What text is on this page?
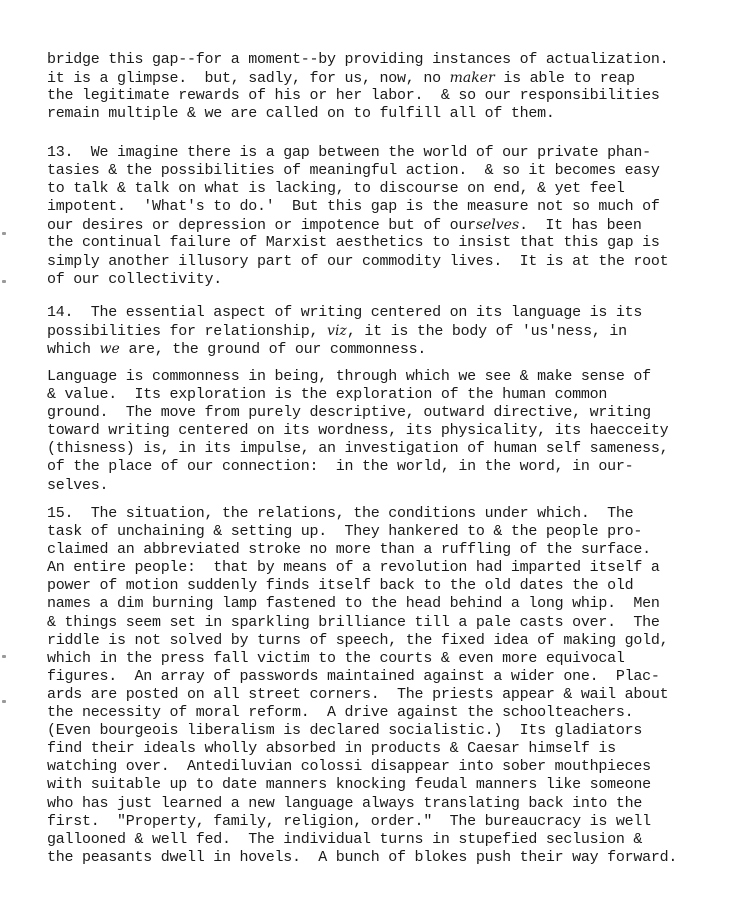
bridge this gap--for a moment--by providing instances of actualization.
it is a glimpse.  but, sadly, for us, now, no maker is able to reap
the legitimate rewards of his or her labor.  & so our responsibilities
remain multiple & we are called on to fulfill all of them.
13.  We imagine there is a gap between the world of our private phan-
tasies & the possibilities of meaningful action.  & so it becomes easy
to talk & talk on what is lacking, to discourse on end, & yet feel
impotent.  'What's to do.'  But this gap is the measure not so much of
our desires or depression or impotence but of ourselves.  It has been
the continual failure of Marxist aesthetics to insist that this gap is
simply another illusory part of our commodity lives.  It is at the root
of our collectivity.
14.  The essential aspect of writing centered on its language is its
possibilities for relationship, viz, it is the body of 'us'ness, in
which we are, the ground of our commonness.
Language is commonness in being, through which we see & make sense of
& value.  Its exploration is the exploration of the human common
ground.  The move from purely descriptive, outward directive, writing
toward writing centered on its wordness, its physicality, its haecceity
(thisness) is, in its impulse, an investigation of human self sameness,
of the place of our connection:  in the world, in the word, in our-
selves.
15.  The situation, the relations, the conditions under which.  The
task of unchaining & setting up.  They hankered to & the people pro-
claimed an abbreviated stroke no more than a ruffling of the surface.
An entire people:  that by means of a revolution had imparted itself a
power of motion suddenly finds itself back to the old dates the old
names a dim burning lamp fastened to the head behind a long whip.  Men
& things seem set in sparkling brilliance till a pale casts over.  The
riddle is not solved by turns of speech, the fixed idea of making gold,
which in the press fall victim to the courts & even more equivocal
figures.  An array of passwords maintained against a wider one.  Plac-
ards are posted on all street corners.  The priests appear & wail about
the necessity of moral reform.  A drive against the schoolteachers.
(Even bourgeois liberalism is declared socialistic.)  Its gladiators
find their ideals wholly absorbed in products & Caesar himself is
watching over.  Antediluvian colossi disappear into sober mouthpieces
with suitable up to date manners knocking feudal manners like someone
who has just learned a new language always translating back into the
first.  "Property, family, religion, order."  The bureaucracy is well
gallooned & well fed.  The individual turns in stupefied seclusion &
the peasants dwell in hovels.  A bunch of blokes push their way forward.
